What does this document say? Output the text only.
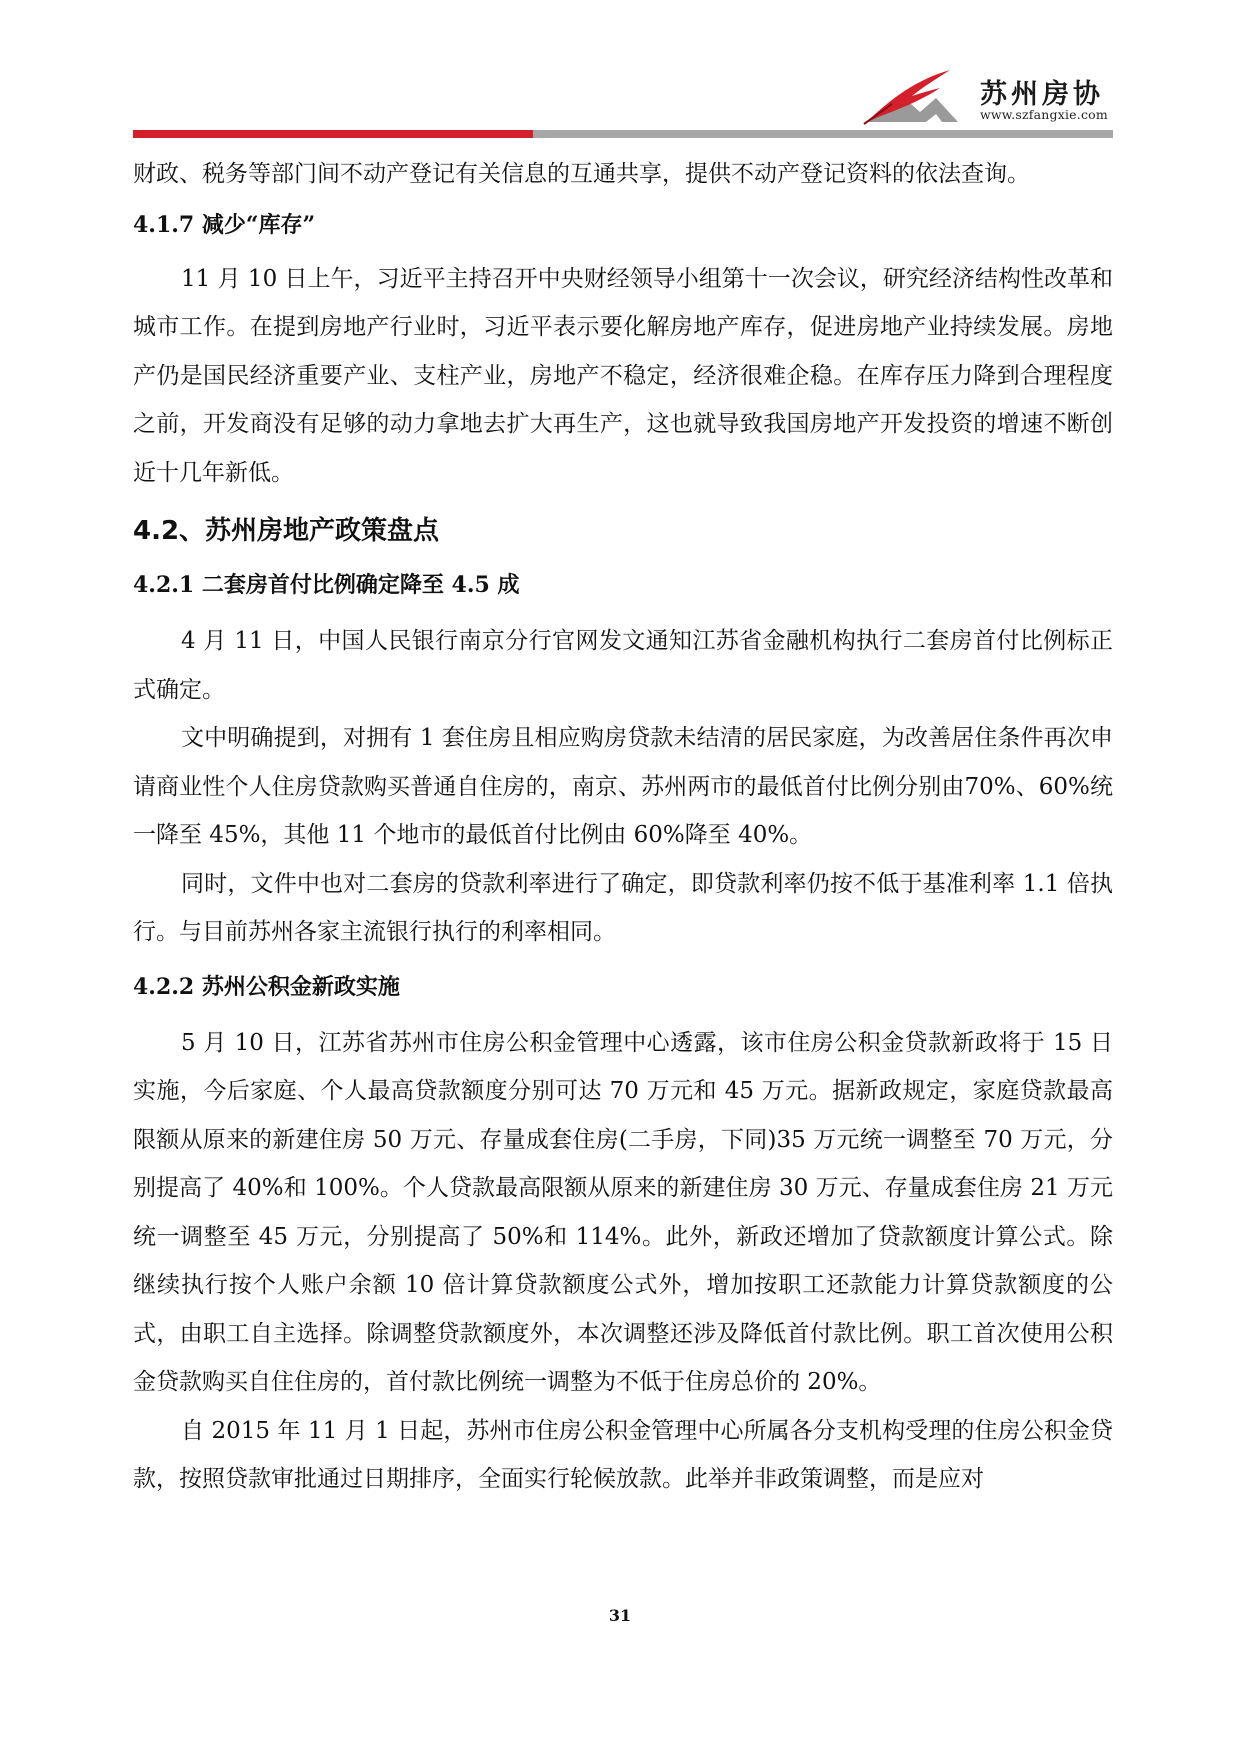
苏州房协
www.szfangxie.com

财政、税务等部门间不动产登记有关信息的互通共享，提供不动产登记资料的依法查询。

4.1.7 减少“库存”

11 月 10 日上午，习近平主持召开中央财经领导小组第十一次会议，研究经济结构性改革和城市工作。在提到房地产行业时，习近平表示要化解房地产库存，促进房地产业持续发展。房地产仍是国民经济重要产业、支柱产业，房地产不稳定，经济很难企稳。在库存压力降到合理程度之前，开发商没有足够的动力拿地去扩大再生产，这也就导致我国房地产开发投资的增速不断创近十几年新低。

4.2、苏州房地产政策盘点
4.2.1 二套房首付比例确定降至 4.5 成

4 月 11 日，中国人民银行南京分行官网发文通知江苏省金融机构执行二套房首付比例标正式确定。

文中明确提到，对拥有 1 套住房且相应购房贷款未结清的居民家庭，为改善居住条件再次申请商业性个人住房贷款购买普通自住房的，南京、苏州两市的最低首付比例分别由70%、60%统一降至 45%，其他 11 个地市的最低首付比例由 60%降至 40%。

同时，文件中也对二套房的贷款利率进行了确定，即贷款利率仍按不低于基准利率 1.1 倍执行。与目前苏州各家主流银行执行的利率相同。

4.2.2 苏州公积金新政实施

5 月 10 日，江苏省苏州市住房公积金管理中心透露，该市住房公积金贷款新政将于 15 日实施，今后家庭、个人最高贷款额度分别可达 70 万元和 45 万元。据新政规定，家庭贷款最高限额从原来的新建住房 50 万元、存量成套住房(二手房，下同)35 万元统一调整至 70 万元，分别提高了 40%和 100%。个人贷款最高限额从原来的新建住房 30 万元、存量成套住房 21 万元统一调整至 45 万元，分别提高了 50%和 114%。此外，新政还增加了贷款额度计算公式。除继续执行按个人账户余额 10 倍计算贷款额度公式外，增加按职工还款能力计算贷款额度的公式，由职工自主选择。除调整贷款额度外，本次调整还涉及降低首付款比例。职工首次使用公积金贷款购买自住住房的，首付款比例统一调整为不低于住房总价的 20%。

自 2015 年 11 月 1 日起，苏州市住房公积金管理中心所属各分支机构受理的住房公积金贷款，按照贷款审批通过日期排序，全面实行轮候放款。此举并非政策调整，而是应对

31
